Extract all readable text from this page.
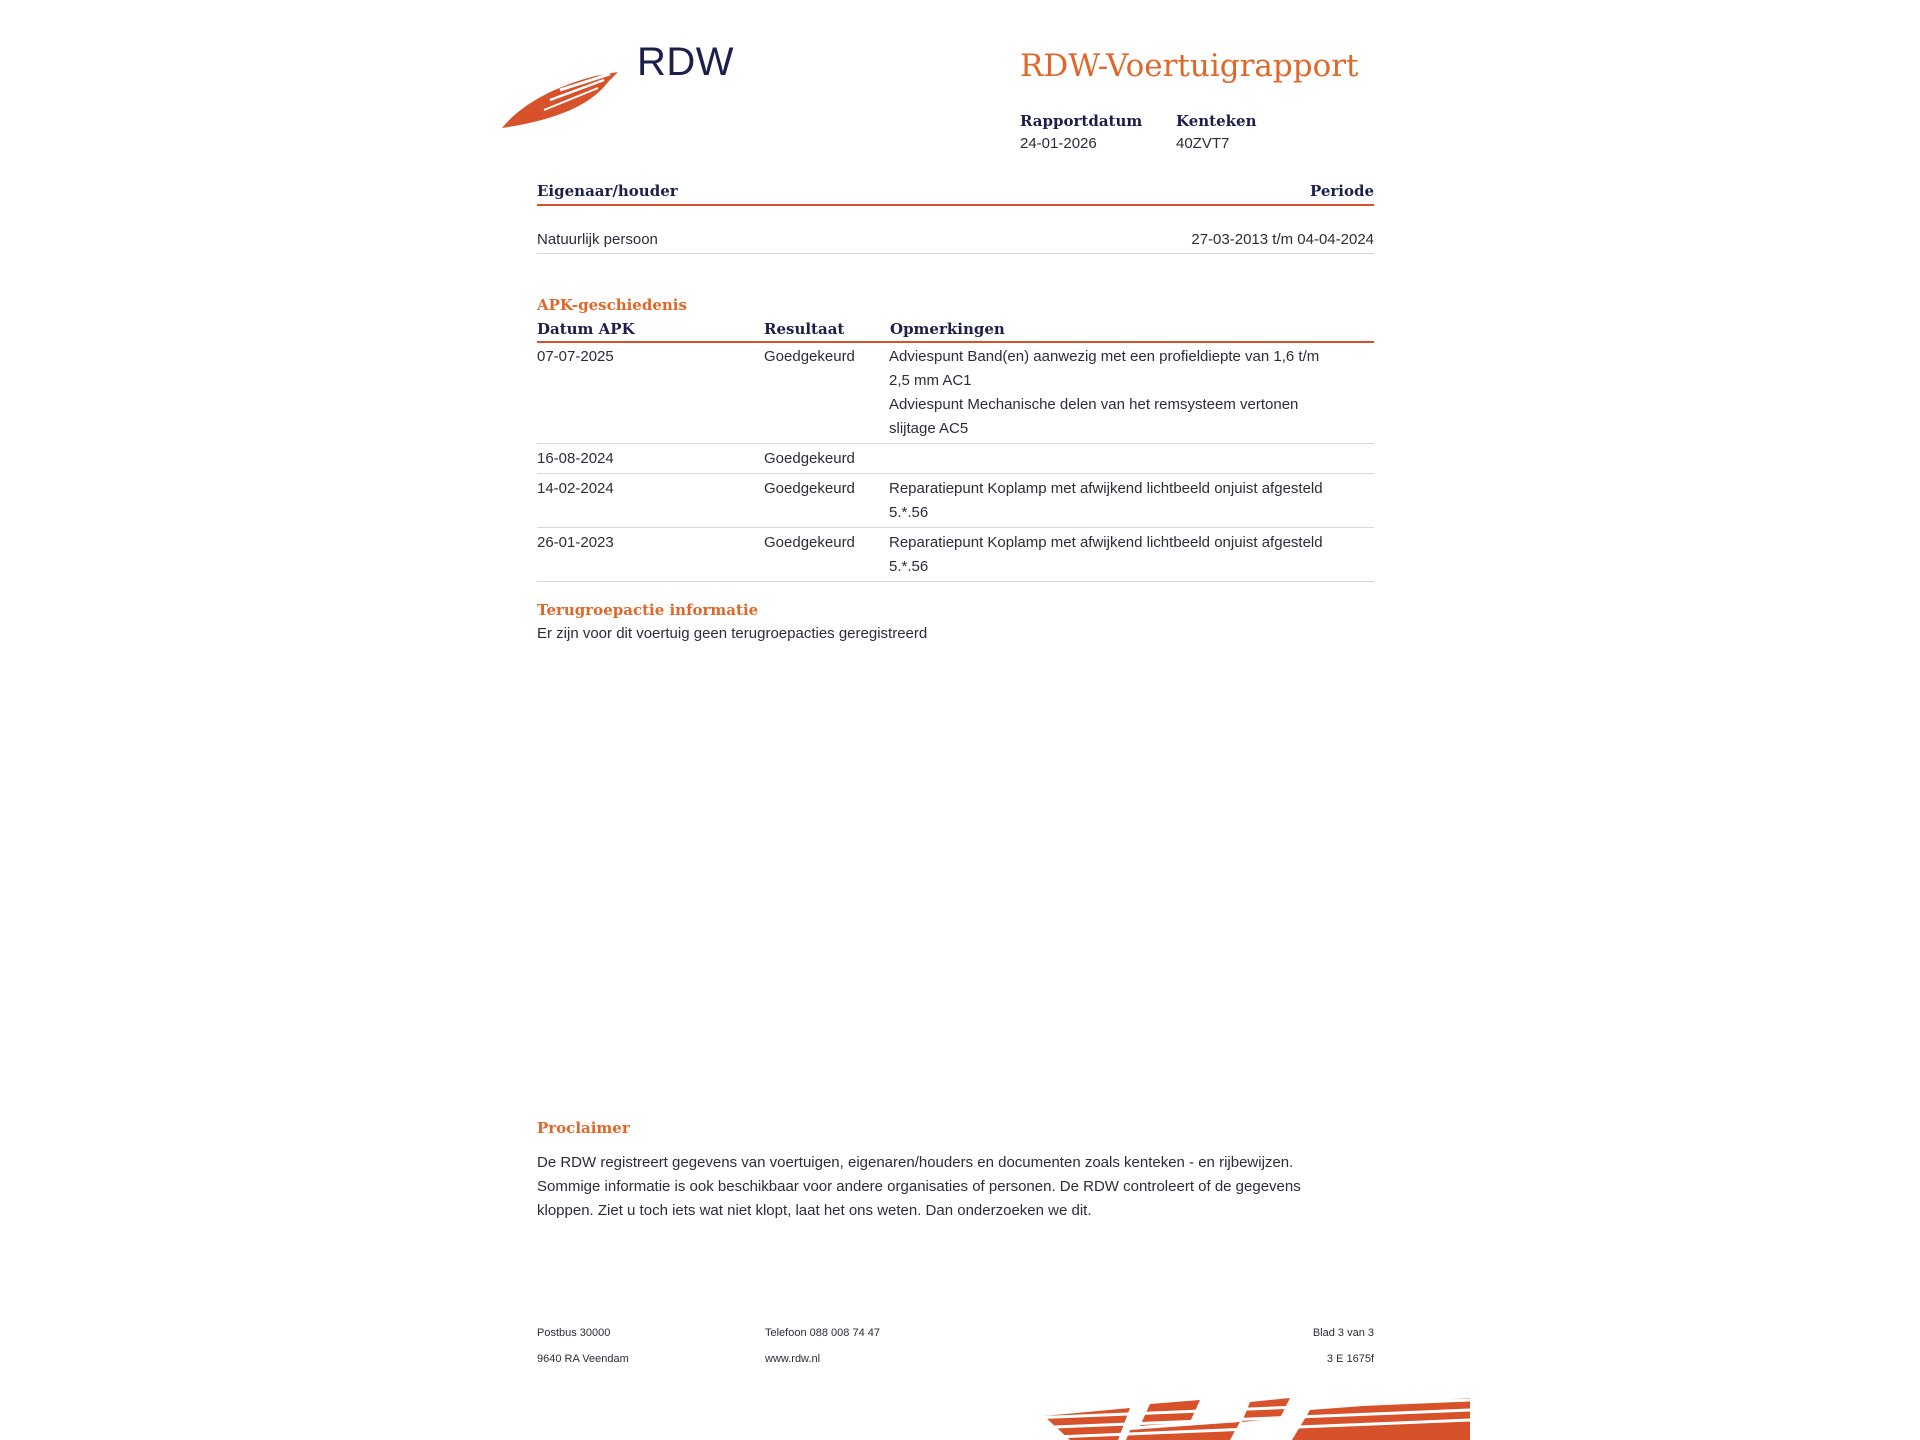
RDW	RDW-Voertuigrapport
Rapportdatum
24-01-2026
Kenteken
40ZVT7
Eigenaar/houder	Periode
Natuurlijk persoon	27-03-2013 t/m 04-04-2024
APK-geschiedenis
Datum APK	Resultaat	Opmerkingen
07-07-2025	Goedgekeurd Adviespunt Band(en) aanwezig met een profieldiepte van 1,6 t/m
2,5 mm AC1
Adviespunt Mechanische delen van het remsysteem vertonen
slijtage AC5
16-08-2024	Goedgekeurd
14-02-2024	Goedgekeurd Reparatiepunt Koplamp met afwijkend lichtbeeld onjuist afgesteld
5.*.56
26-01-2023	Goedgekeurd Reparatiepunt Koplamp met afwijkend lichtbeeld onjuist afgesteld
5.*.56
Terugroepactie informatie
Er zijn voor dit voertuig geen terugroepacties geregistreerd
Proclaimer
De RDW registreert gegevens van voertuigen, eigenaren/houders en documenten zoals kenteken - en rijbewijzen.
Sommige informatie is ook beschikbaar voor andere organisaties of personen. De RDW controleert of de gegevens
kloppen. Ziet u toch iets wat niet klopt, laat het ons weten. Dan onderzoeken we dit.
Postbus 30000
9640 RA Veendam
Telefoon 088 008 74 47
www.rdw.nl
Blad 3 van 3
3 E 1675f
